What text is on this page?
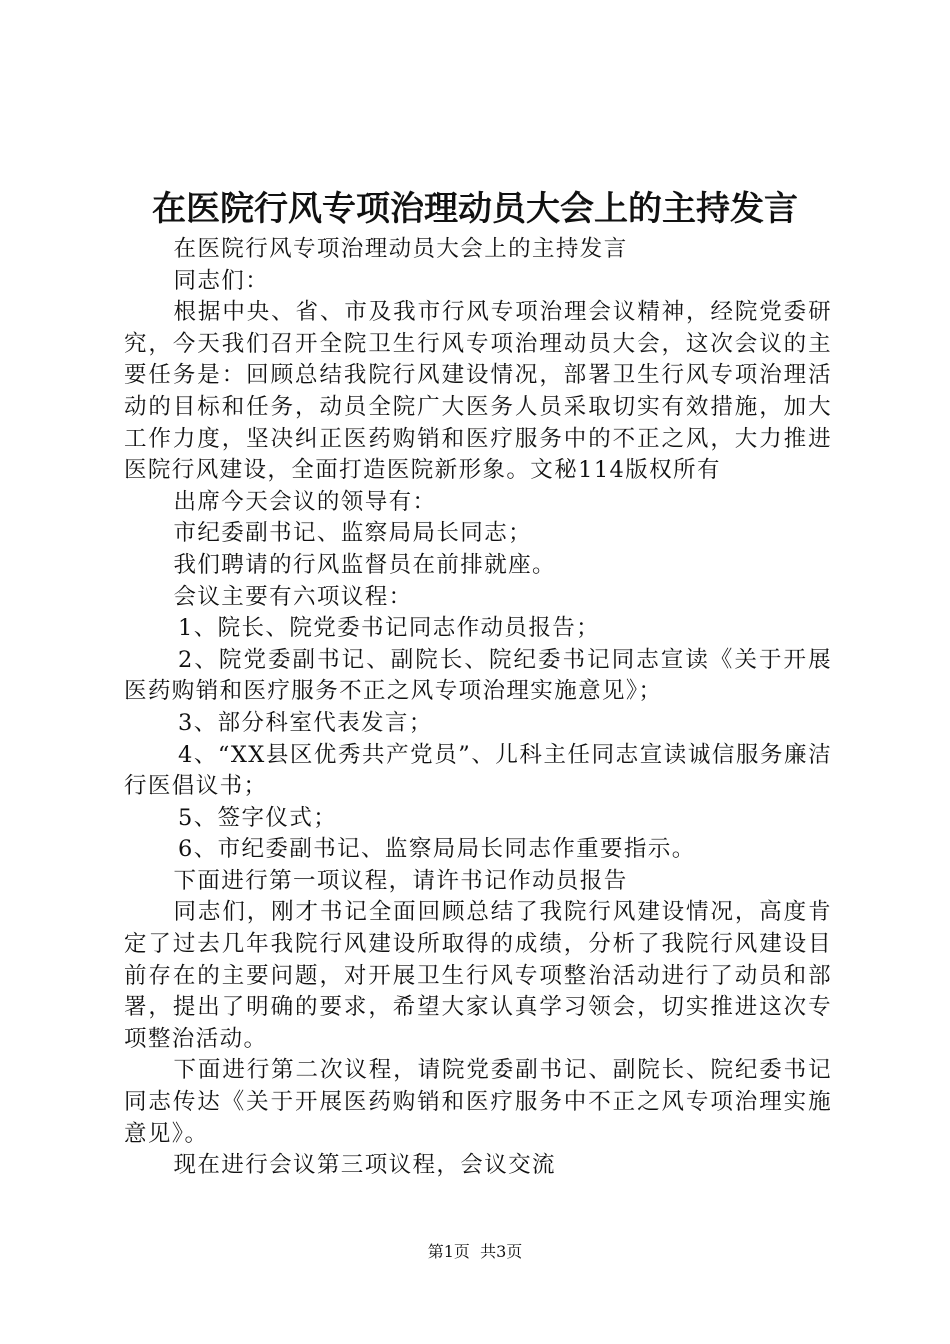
在医院行风专项治理动员大会上的主持发言

在医院行风专项治理动员大会上的主持发言

同志们：

根据中央、省、市及我市行风专项治理会议精神，经院党委研究，今天我们召开全院卫生行风专项治理动员大会，这次会议的主要任务是：回顾总结我院行风建设情况，部署卫生行风专项治理活动的目标和任务，动员全院广大医务人员采取切实有效措施，加大工作力度，坚决纠正医药购销和医疗服务中的不正之风，大力推进医院行风建设，全面打造医院新形象。文秘114版权所有

出席今天会议的领导有：

市纪委副书记、监察局局长同志；

我们聘请的行风监督员在前排就座。

会议主要有六项议程：

1、院长、院党委书记同志作动员报告；

2、院党委副书记、副院长、院纪委书记同志宣读《关于开展医药购销和医疗服务不正之风专项治理实施意见》；

3、部分科室代表发言；

4、“XX县区优秀共产党员”、儿科主任同志宣读诚信服务廉洁行医倡议书；

5、签字仪式；

6、市纪委副书记、监察局局长同志作重要指示。

下面进行第一项议程，请许书记作动员报告

同志们，刚才书记全面回顾总结了我院行风建设情况，高度肯定了过去几年我院行风建设所取得的成绩，分析了我院行风建设目前存在的主要问题，对开展卫生行风专项整治活动进行了动员和部署，提出了明确的要求，希望大家认真学习领会，切实推进这次专项整治活动。

下面进行第二次议程，请院党委副书记、副院长、院纪委书记同志传达《关于开展医药购销和医疗服务中不正之风专项治理实施意见》。

现在进行会议第三项议程，会议交流

第1页 共3页
